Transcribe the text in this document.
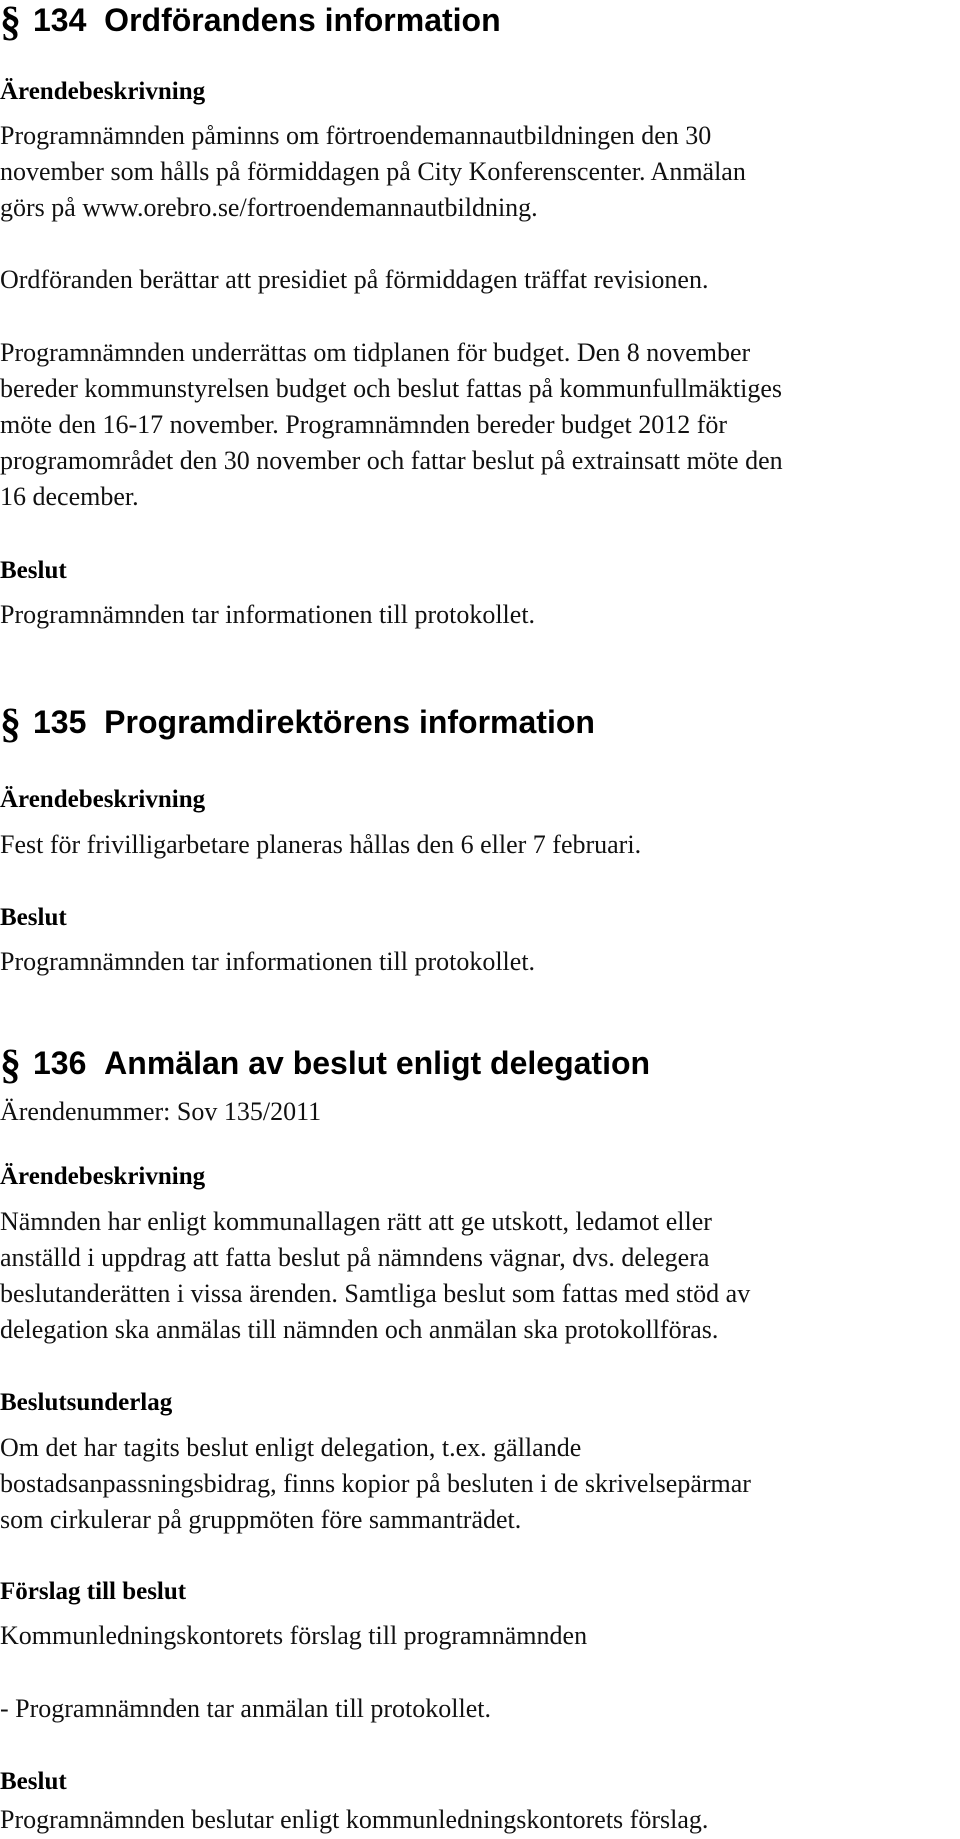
§ 134 Ordförandens information
Ärendebeskrivning
Programnämnden påminns om förtroendemannautbildningen den 30
november som hålls på förmiddagen på City Konferenscenter. Anmälan
görs på www.orebro.se/fortroendemannautbildning.
Ordföranden berättar att presidiet på förmiddagen träffat revisionen.
Programnämnden underrättas om tidplanen för budget. Den 8 november
bereder kommunstyrelsen budget och beslut fattas på kommunfullmäktiges
möte den 16-17 november. Programnämnden bereder budget 2012 för
programområdet den 30 november och fattar beslut på extrainsatt möte den
16 december.
Beslut
Programnämnden tar informationen till protokollet.
§ 135 Programdirektörens information
Ärendebeskrivning
Fest för frivilligarbetare planeras hållas den 6 eller 7 februari.
Beslut
Programnämnden tar informationen till protokollet.
§ 136 Anmälan av beslut enligt delegation
Ärendenummer: Sov 135/2011
Ärendebeskrivning
Nämnden har enligt kommunallagen rätt att ge utskott, ledamot eller
anställd i uppdrag att fatta beslut på nämndens vägnar, dvs. delegera
beslutanderätten i vissa ärenden. Samtliga beslut som fattas med stöd av
delegation ska anmälas till nämnden och anmälan ska protokollföras.
Beslutsunderlag
Om det har tagits beslut enligt delegation, t.ex. gällande
bostadsanpassningsbidrag, finns kopior på besluten i de skrivelsepärmar
som cirkulerar på gruppmöten före sammanträdet.
Förslag till beslut
Kommunledningskontorets förslag till programnämnden
- Programnämnden tar anmälan till protokollet.
Beslut
Programnämnden beslutar enligt kommunledningskontorets förslag.
